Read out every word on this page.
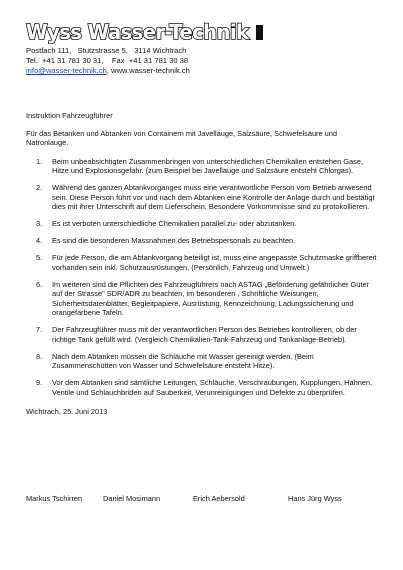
Wyss Wasser-Technik
Postfach 111,   Stutzstrasse 5,   3114 Wichtrach
Tel.  +41 31 781 30 31,    Fax  +41 31 781 30 38
info@wasser-technik.ch, www.wasser-technik.ch
Instruktion Fahrzeugführer
Für das Betanken und Abtanken von Containern mit Javellauge, Salzsäure, Schwefelsäure und Natronlauge.
1.	Beim unbeabsichtigten Zusammenbringen von unterschiedlichen Chemikalien entstehen Gase, Hitze und Explosionsgefahr. (zum Beispiel bei Javellauge und Salzsäure entsteht Chlorgas).
2.	Während des ganzen Abtankvorganges muss eine verantwortliche Person vom Betrieb anwesend sein. Diese Person führt vor und nach dem Abtanken eine Kontrolle der Anlage durch und bestätigt dies mit ihrer Unterschrift auf dem Lieferschein. Besondere Vorkommnisse sind zu protokollieren.
3.	Es ist verboten unterschiedliche Chemikalien parallel zu- oder abzutanken.
4.	Es sind die besonderen Massnahmen des Betriebspersonals zu beachten.
5.	Für jede Person, die am Abtankvorgang beteiligt ist, muss eine angepasste Schutzmaske griffbereit vorhanden sein inkl. Schutzausrüstungen, (Persönlich, Fahrzeug und Umwelt.)
6.	Im weiteren sind die Pflichten des Fahrzeugführers nach ASTAG „Beförderung gefährlicher Güter auf der Strasse" SDR/ADR zu beachten, im besonderen , Schriftliche Weisungen, Sicherheitsdatenblätter, Begleitpapiere, Ausrüstung, Kennzeichnung, Ladungssicherung und orangefarbene Tafeln.
7.	Der Fahrzeugführer muss mit der verantwortlichen Person des Betriebes kontrollieren, ob der richtige Tank gefüllt wird. (Vergleich Chemikalien-Tank-Fahrzeug und Tankanlage-Betrieb).
8.	Nach dem Abtanken müssen die Schläuche mit Wasser gereinigt werden. (Beim Zusammenschütten von Wasser und Schwefelsäure entsteht Hitze).
9.	Vor dem Abtanken sind sämtliche Leitungen, Schläuche, Verschraubungen, Kupplungen, Hahnen, Ventile und Schlauchbriden auf Sauberkeit, Verunreinigungen und Defekte zu überprüfen.
Wichtrach, 25. Juni 2013
Markus Tschirren	Daniel Mosimann	Erich Aebersold	Hans Jürg Wyss
